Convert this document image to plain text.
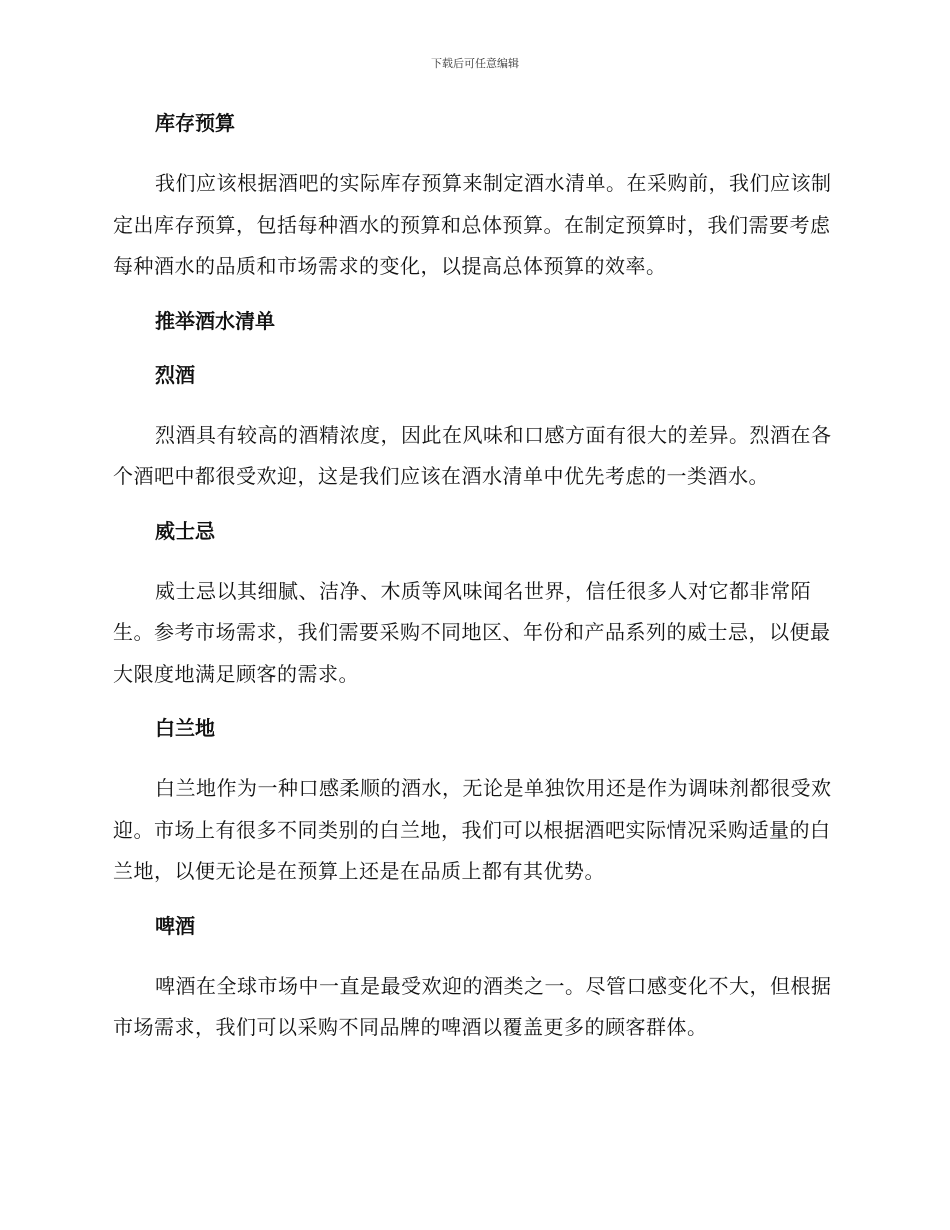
下载后可任意编辑
库存预算

我们应该根据酒吧的实际库存预算来制定酒水清单。在采购前，我们应该制定出库存预算，包括每种酒水的预算和总体预算。在制定预算时，我们需要考虑每种酒水的品质和市场需求的变化，以提高总体预算的效率。

推举酒水清单
烈酒

烈酒具有较高的酒精浓度，因此在风味和口感方面有很大的差异。烈酒在各个酒吧中都很受欢迎，这是我们应该在酒水清单中优先考虑的一类酒水。

威士忌

威士忌以其细腻、洁净、木质等风味闻名世界，信任很多人对它都非常陌生。参考市场需求，我们需要采购不同地区、年份和产品系列的威士忌，以便最大限度地满足顾客的需求。

白兰地

白兰地作为一种口感柔顺的酒水，无论是单独饮用还是作为调味剂都很受欢迎。市场上有很多不同类别的白兰地，我们可以根据酒吧实际情况采购适量的白兰地，以便无论是在预算上还是在品质上都有其优势。

啤酒

啤酒在全球市场中一直是最受欢迎的酒类之一。尽管口感变化不大，但根据市场需求，我们可以采购不同品牌的啤酒以覆盖更多的顾客群体。
